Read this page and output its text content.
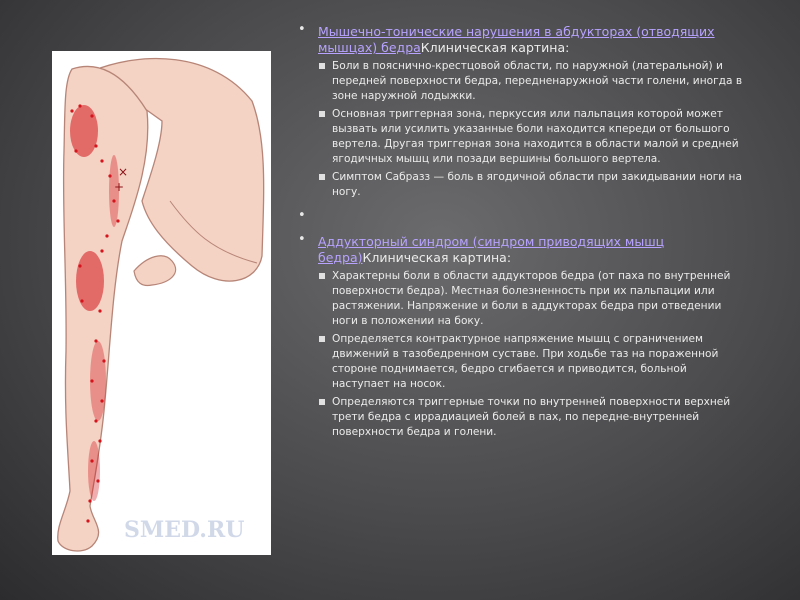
×
+
SMED.RU
• Мышечно-тонические нарушения в абдукторах (отводящих мышцах) бедраКлиническая картина:
Боли в пояснично-крестцовой области, по наружной (латеральной) и передней поверхности бедра, передненаружной части голени, иногда в зоне наружной лодыжки.
Основная триггерная зона, перкуссия или пальпация которой может вызвать или усилить указанные боли находится кпереди от большого вертела. Другая триггерная зона находится в области малой и средней ягодичных мышц или позади вершины большого вертела.
Симптом Сабразз — боль в ягодичной области при закидывании ноги на ногу.
•
• Аддукторный синдром (синдром приводящих мышц бедра)Клиническая картина:
Характерны боли в области аддукторов бедра (от паха по внутренней поверхности бедра). Местная болезненность при их пальпации или растяжении. Напряжение и боли в аддукторах бедра при отведении ноги в положении на боку.
Определяется контрактурное напряжение мышц с ограничением движений в тазобедренном суставе. При ходьбе таз на пораженной стороне поднимается, бедро сгибается и приводится, больной наступает на носок.
Определяются триггерные точки по внутренней поверхности верхней трети бедра с иррадиацией болей в пах, по передне-внутренней поверхности бедра и голени.
